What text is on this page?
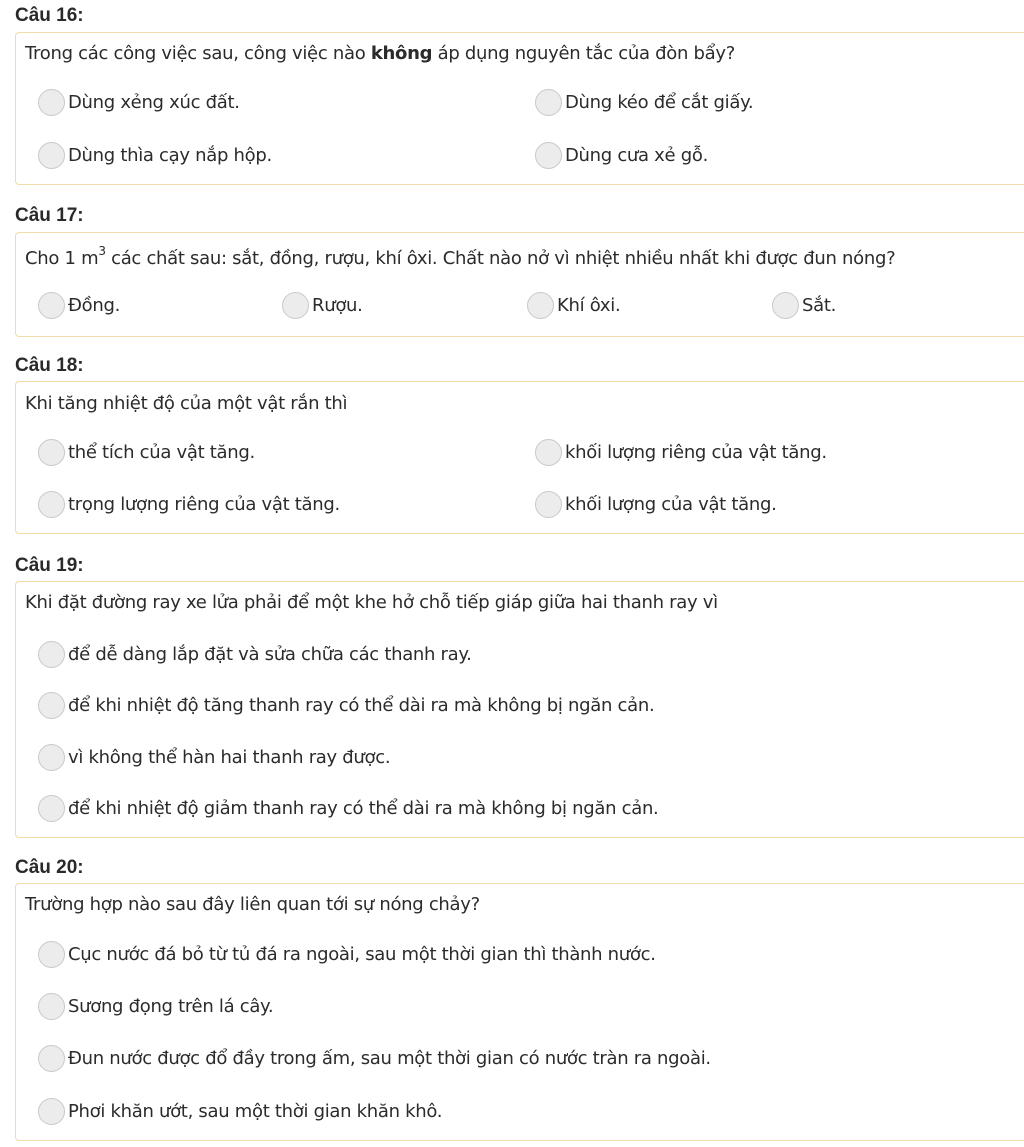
Câu 16:
Trong các công việc sau, công việc nào không áp dụng nguyên tắc của đòn bẩy?
Dùng xẻng xúc đất.	Dùng kéo để cắt giấy.
Dùng thìa cạy nắp hộp.	Dùng cưa xẻ gỗ.
Câu 17:
Cho 1 $m^3$ các chất sau: sắt, đồng, rượu, khí ôxi. Chất nào nở vì nhiệt nhiều nhất khi được đun nóng?
Đồng.	Rượu.	Khí ôxi.	Sắt.
Câu 18:
Khi tăng nhiệt độ của một vật rắn thì
thể tích của vật tăng.	khối lượng riêng của vật tăng.
trọng lượng riêng của vật tăng.	khối lượng của vật tăng.
Câu 19:
Khi đặt đường ray xe lửa phải để một khe hở chỗ tiếp giáp giữa hai thanh ray vì
để dễ dàng lắp đặt và sửa chữa các thanh ray.
để khi nhiệt độ tăng thanh ray có thể dài ra mà không bị ngăn cản.
vì không thể hàn hai thanh ray được.
để khi nhiệt độ giảm thanh ray có thể dài ra mà không bị ngăn cản.
Câu 20:
Trường hợp nào sau đây liên quan tới sự nóng chảy?
Cục nước đá bỏ từ tủ đá ra ngoài, sau một thời gian thì thành nước.
Sương đọng trên lá cây.
Đun nước được đổ đầy trong ấm, sau một thời gian có nước tràn ra ngoài.
Phơi khăn ướt, sau một thời gian khăn khô.
